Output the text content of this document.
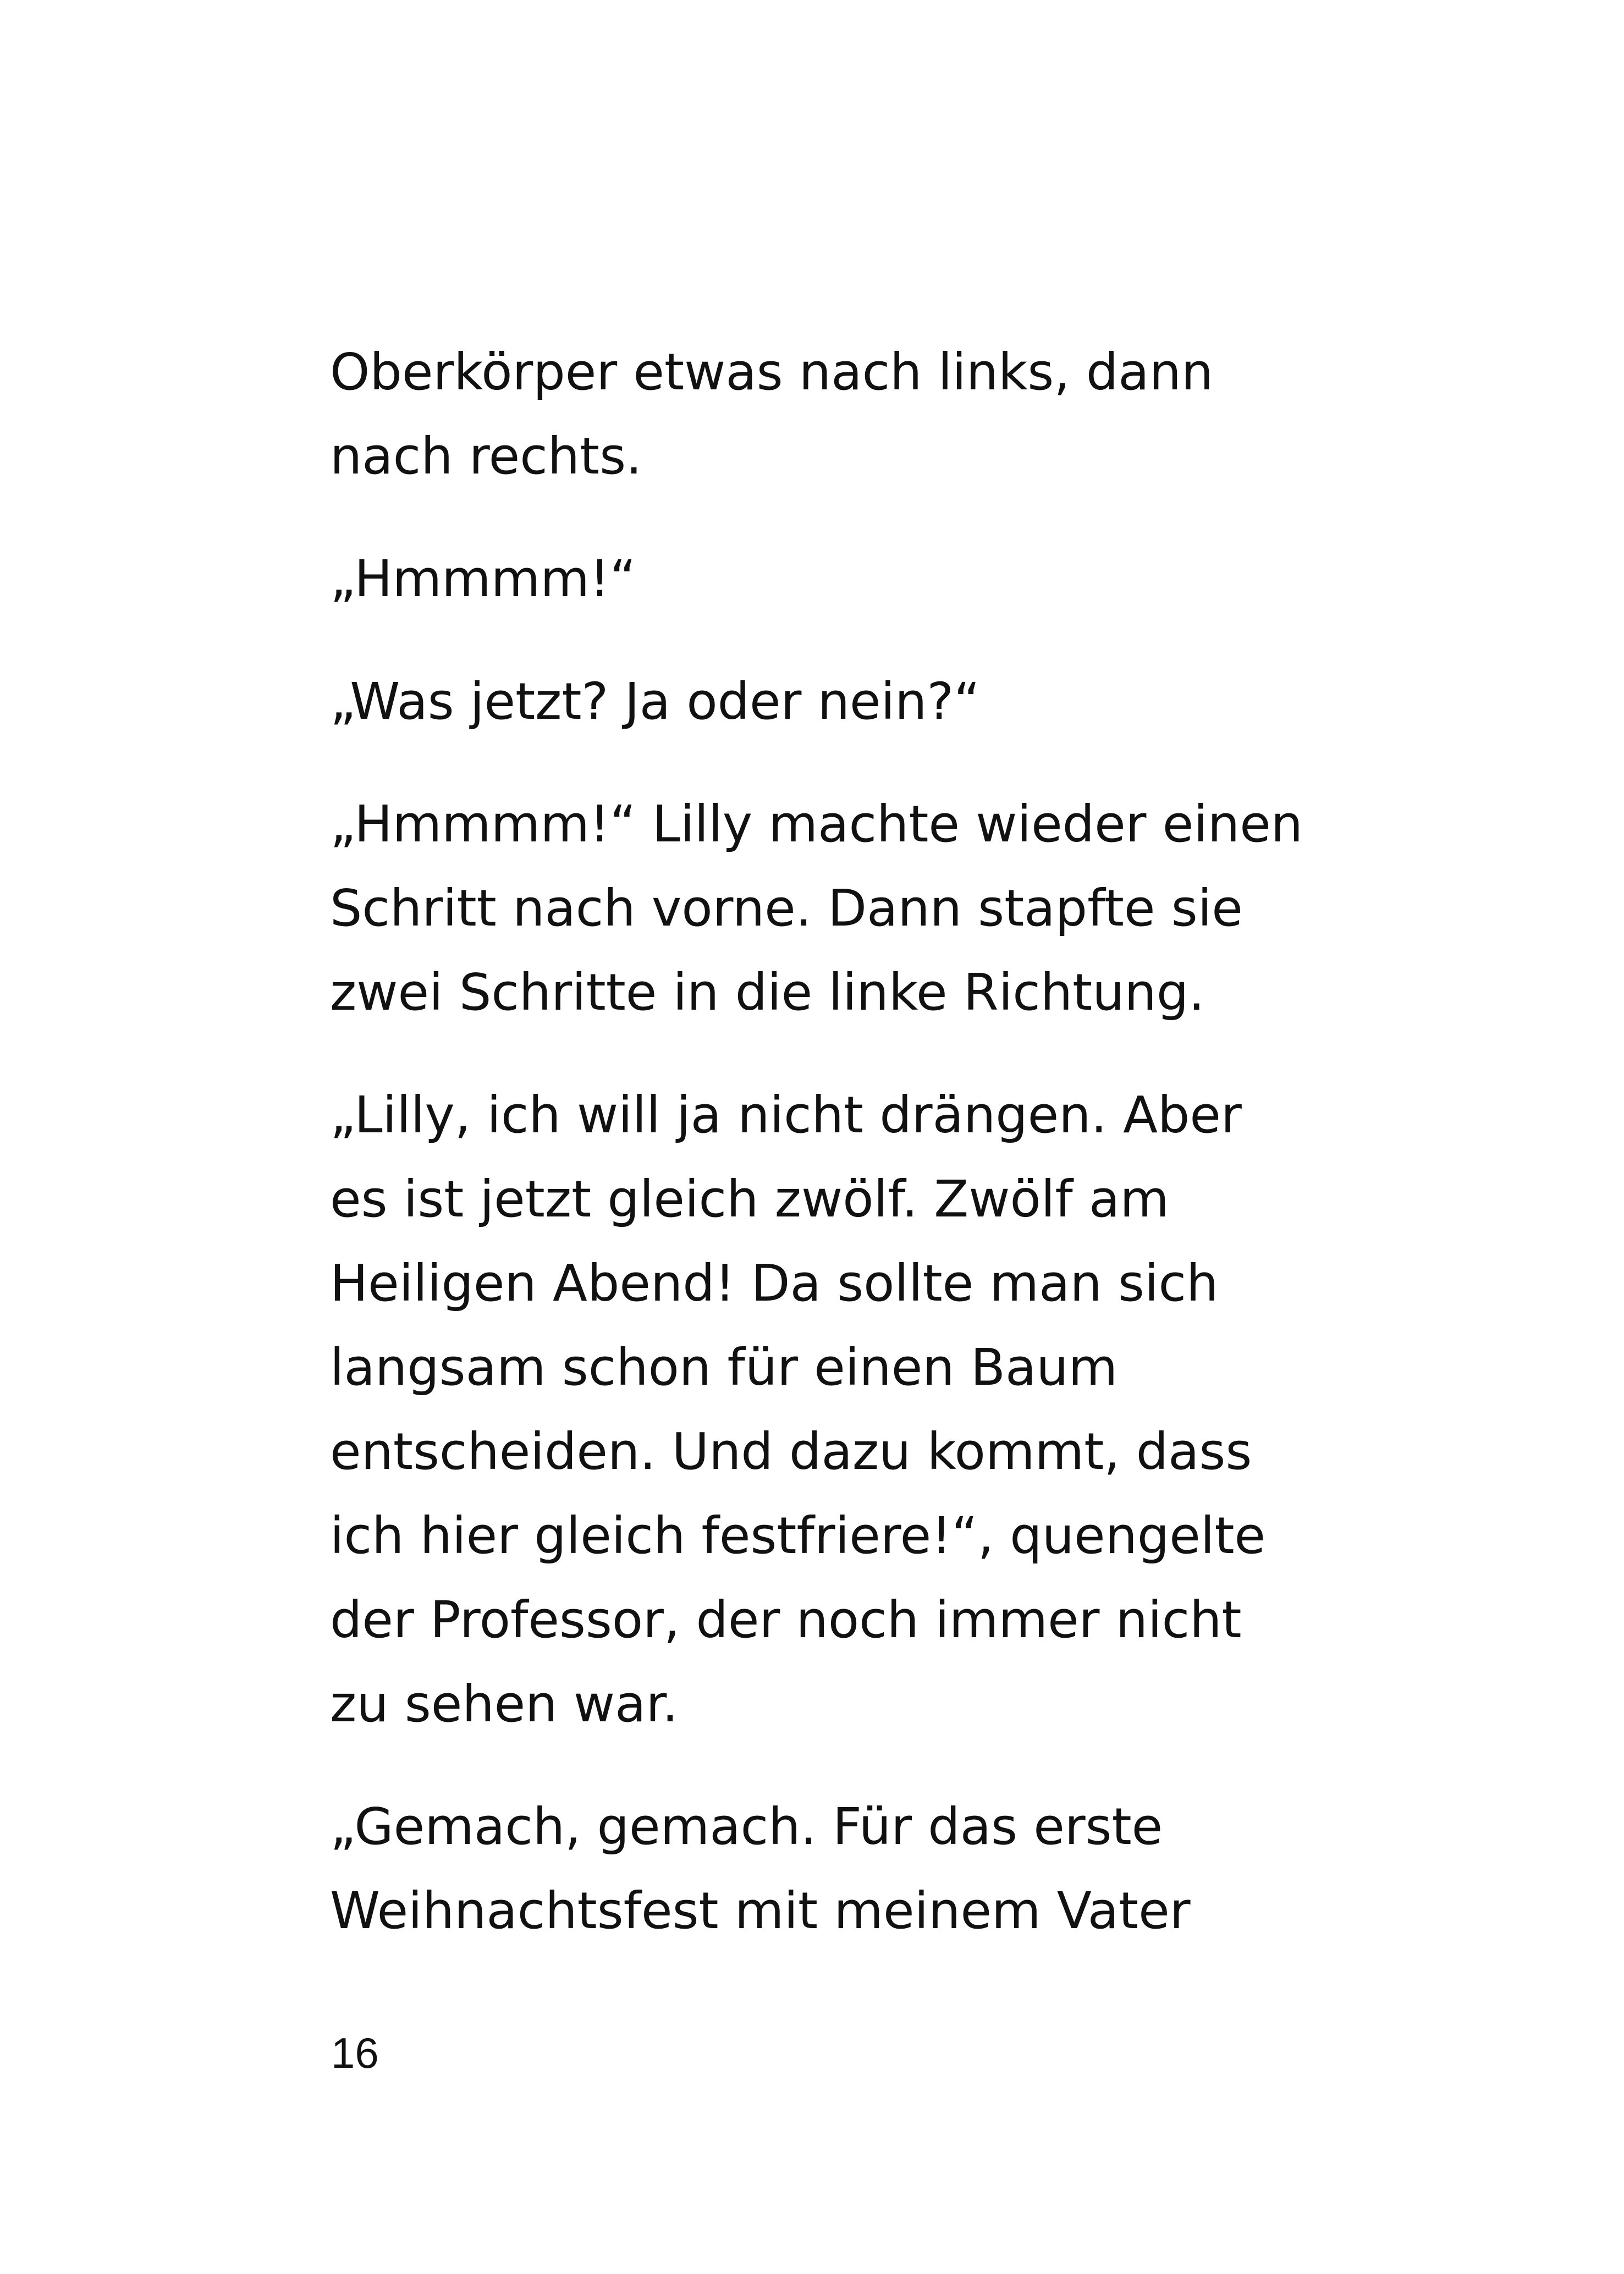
Oberkörper etwas nach links, dann
nach rechts.

„Hmmmm!“

„Was jetzt? Ja oder nein?“

„Hmmmm!“ Lilly machte wieder einen
Schritt nach vorne. Dann stapfte sie
zwei Schritte in die linke Richtung.

„Lilly, ich will ja nicht drängen. Aber
es ist jetzt gleich zwölf. Zwölf am
Heiligen Abend! Da sollte man sich
langsam schon für einen Baum
entscheiden. Und dazu kommt, dass
ich hier gleich festfriere!“, quengelte
der Professor, der noch immer nicht
zu sehen war.

„Gemach, gemach. Für das erste
Weihnachtsfest mit meinem Vater

16
